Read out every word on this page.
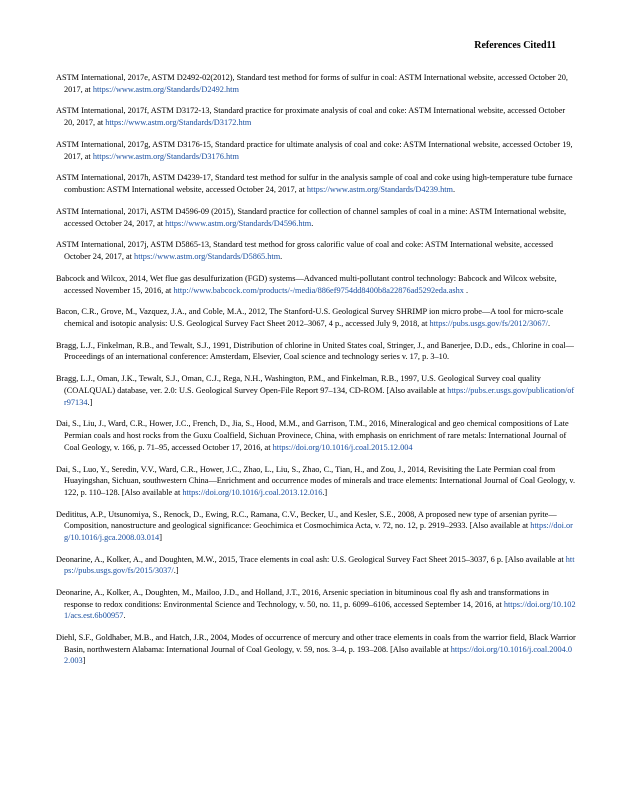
References Cited11

ASTM International, 2017e, ASTM D2492-02(2012), Standard test method for forms of sulfur in coal: ASTM International website, accessed October 20, 2017, at https://www.astm.org/Standards/D2492.htm

ASTM International, 2017f, ASTM D3172-13, Standard practice for proximate analysis of coal and coke: ASTM International website, accessed October 20, 2017, at https://www.astm.org/Standards/D3172.htm

ASTM International, 2017g, ASTM D3176-15, Standard practice for ultimate analysis of coal and coke: ASTM International website, accessed October 19, 2017, at https://www.astm.org/Standards/D3176.htm

ASTM International, 2017h, ASTM D4239-17, Standard test method for sulfur in the analysis sample of coal and coke using high-temperature tube furnace combustion: ASTM International website, accessed October 24, 2017, at https://www.astm.org/Standards/D4239.htm.

ASTM International, 2017i, ASTM D4596-09 (2015), Standard practice for collection of channel samples of coal in a mine: ASTM International website, accessed October 24, 2017, at https://www.astm.org/Standards/D4596.htm.

ASTM International, 2017j, ASTM D5865-13, Standard test method for gross calorific value of coal and coke: ASTM International website, accessed October 24, 2017, at https://www.astm.org/Standards/D5865.htm.

Babcock and Wilcox, 2014, Wet flue gas desulfurization (FGD) systems—Advanced multi-pollutant control technology: Babcock and Wilcox website, accessed November 15, 2016, at http://www.babcock.com/products/-/media/886ef9754dd8400b8a22876ad5292eda.ashx .

Bacon, C.R., Grove, M., Vazquez, J.A., and Coble, M.A., 2012, The Stanford-U.S. Geological Survey SHRIMP ion micro probe—A tool for micro-scale chemical and isotopic analysis: U.S. Geological Survey Fact Sheet 2012–3067, 4 p., accessed July 9, 2018, at https://pubs.usgs.gov/fs/2012/3067/.

Bragg, L.J., Finkelman, R.B., and Tewalt, S.J., 1991, Distribution of chlorine in United States coal, Stringer, J., and Banerjee, D.D., eds., Chlorine in coal—Proceedings of an international conference: Amsterdam, Elsevier, Coal science and technology series v. 17, p. 3–10.

Bragg, L.J., Oman, J.K., Tewalt, S.J., Oman, C.J., Rega, N.H., Washington, P.M., and Finkelman, R.B., 1997, U.S. Geological Survey coal quality (COALQUAL) database, ver. 2.0: U.S. Geological Survey Open-File Report 97–134, CD-ROM. [Also available at https://pubs.er.usgs.gov/publication/ofr97134.]

Dai, S., Liu, J., Ward, C.R., Hower, J.C., French, D., Jia, S., Hood, M.M., and Garrison, T.M., 2016, Mineralogical and geo chemical compositions of Late Permian coals and host rocks from the Guxu Coalfield, Sichuan Provinece, China, with emphasis on enrichment of rare metals: International Journal of Coal Geology, v. 166, p. 71–95, accessed October 17, 2016, at https://doi.org/10.1016/j.coal.2015.12.004

Dai, S., Luo, Y., Seredin, V.V., Ward, C.R., Hower, J.C., Zhao, L., Liu, S., Zhao, C., Tian, H., and Zou, J., 2014, Revisiting the Late Permian coal from Huayingshan, Sichuan, southwestern China—Enrichment and occurrence modes of minerals and trace elements: International Journal of Coal Geology, v. 122, p. 110–128. [Also available at https://doi.org/10.1016/j.coal.2013.12.016.]

Dedititus, A.P., Utsunomiya, S., Renock, D., Ewing, R.C., Ramana, C.V., Becker, U., and Kesler, S.E., 2008, A proposed new type of arsenian pyrite—Composition, nanostructure and geological significance: Geochimica et Cosmochimica Acta, v. 72, no. 12, p. 2919–2933. [Also available at https://doi.org/10.1016/j.gca.2008.03.014]

Deonarine, A., Kolker, A., and Doughten, M.W., 2015, Trace elements in coal ash: U.S. Geological Survey Fact Sheet 2015–3037, 6 p. [Also available at https://pubs.usgs.gov/fs/2015/3037/.]

Deonarine, A., Kolker, A., Doughten, M., Mailoo, J.D., and Holland, J.T., 2016, Arsenic speciation in bituminous coal fly ash and transformations in response to redox conditions: Environmental Science and Technology, v. 50, no. 11, p. 6099–6106, accessed September 14, 2016, at https://doi.org/10.1021/acs.est.6b00957.

Diehl, S.F., Goldhaber, M.B., and Hatch, J.R., 2004, Modes of occurrence of mercury and other trace elements in coals from the warrior field, Black Warrior Basin, northwestern Alabama: International Journal of Coal Geology, v. 59, nos. 3–4, p. 193–208. [Also available at https://doi.org/10.1016/j.coal.2004.02.003]
